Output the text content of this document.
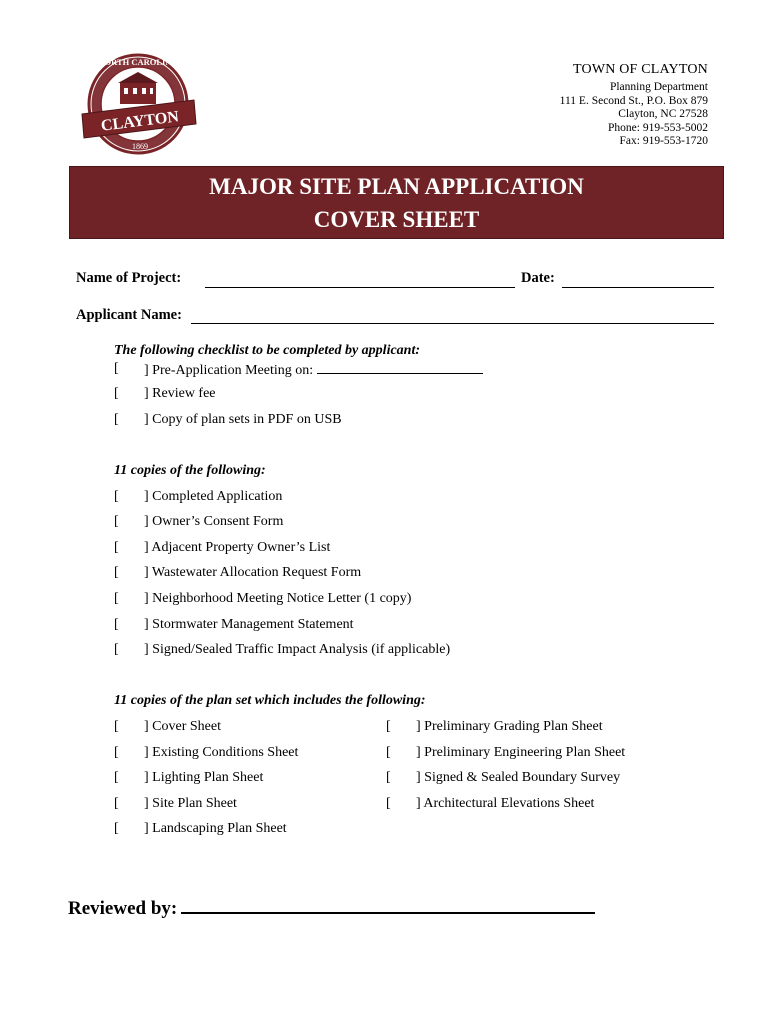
CLAYTON
NORTH CAROLINA
1869
TOWN OF CLAYTON
Planning Department
111 E. Second St., P.O. Box 879
Clayton, NC 27528
Phone: 919-553-5002
Fax: 919-553-1720
MAJOR SITE PLAN APPLICATION
COVER SHEET
Name of Project:	Date:
Applicant Name:
The following checklist to be completed by applicant:
[ ] Pre-Application Meeting on:
[ ] Review fee
[ ] Copy of plan sets in PDF on USB
11 copies of the following:
[ ] Completed Application
[ ] Owner’s Consent Form
[ ] Adjacent Property Owner’s List
[ ] Wastewater Allocation Request Form
[ ] Neighborhood Meeting Notice Letter (1 copy)
[ ] Stormwater Management Statement
[ ] Signed/Sealed Traffic Impact Analysis (if applicable)
11 copies of the plan set which includes the following:
[ ] Cover Sheet
[ ] Existing Conditions Sheet
[ ] Lighting Plan Sheet
[ ] Site Plan Sheet
[ ] Landscaping Plan Sheet
[ ] Preliminary Grading Plan Sheet
[ ] Preliminary Engineering Plan Sheet
[ ] Signed & Sealed Boundary Survey
[ ] Architectural Elevations Sheet
Reviewed by:
